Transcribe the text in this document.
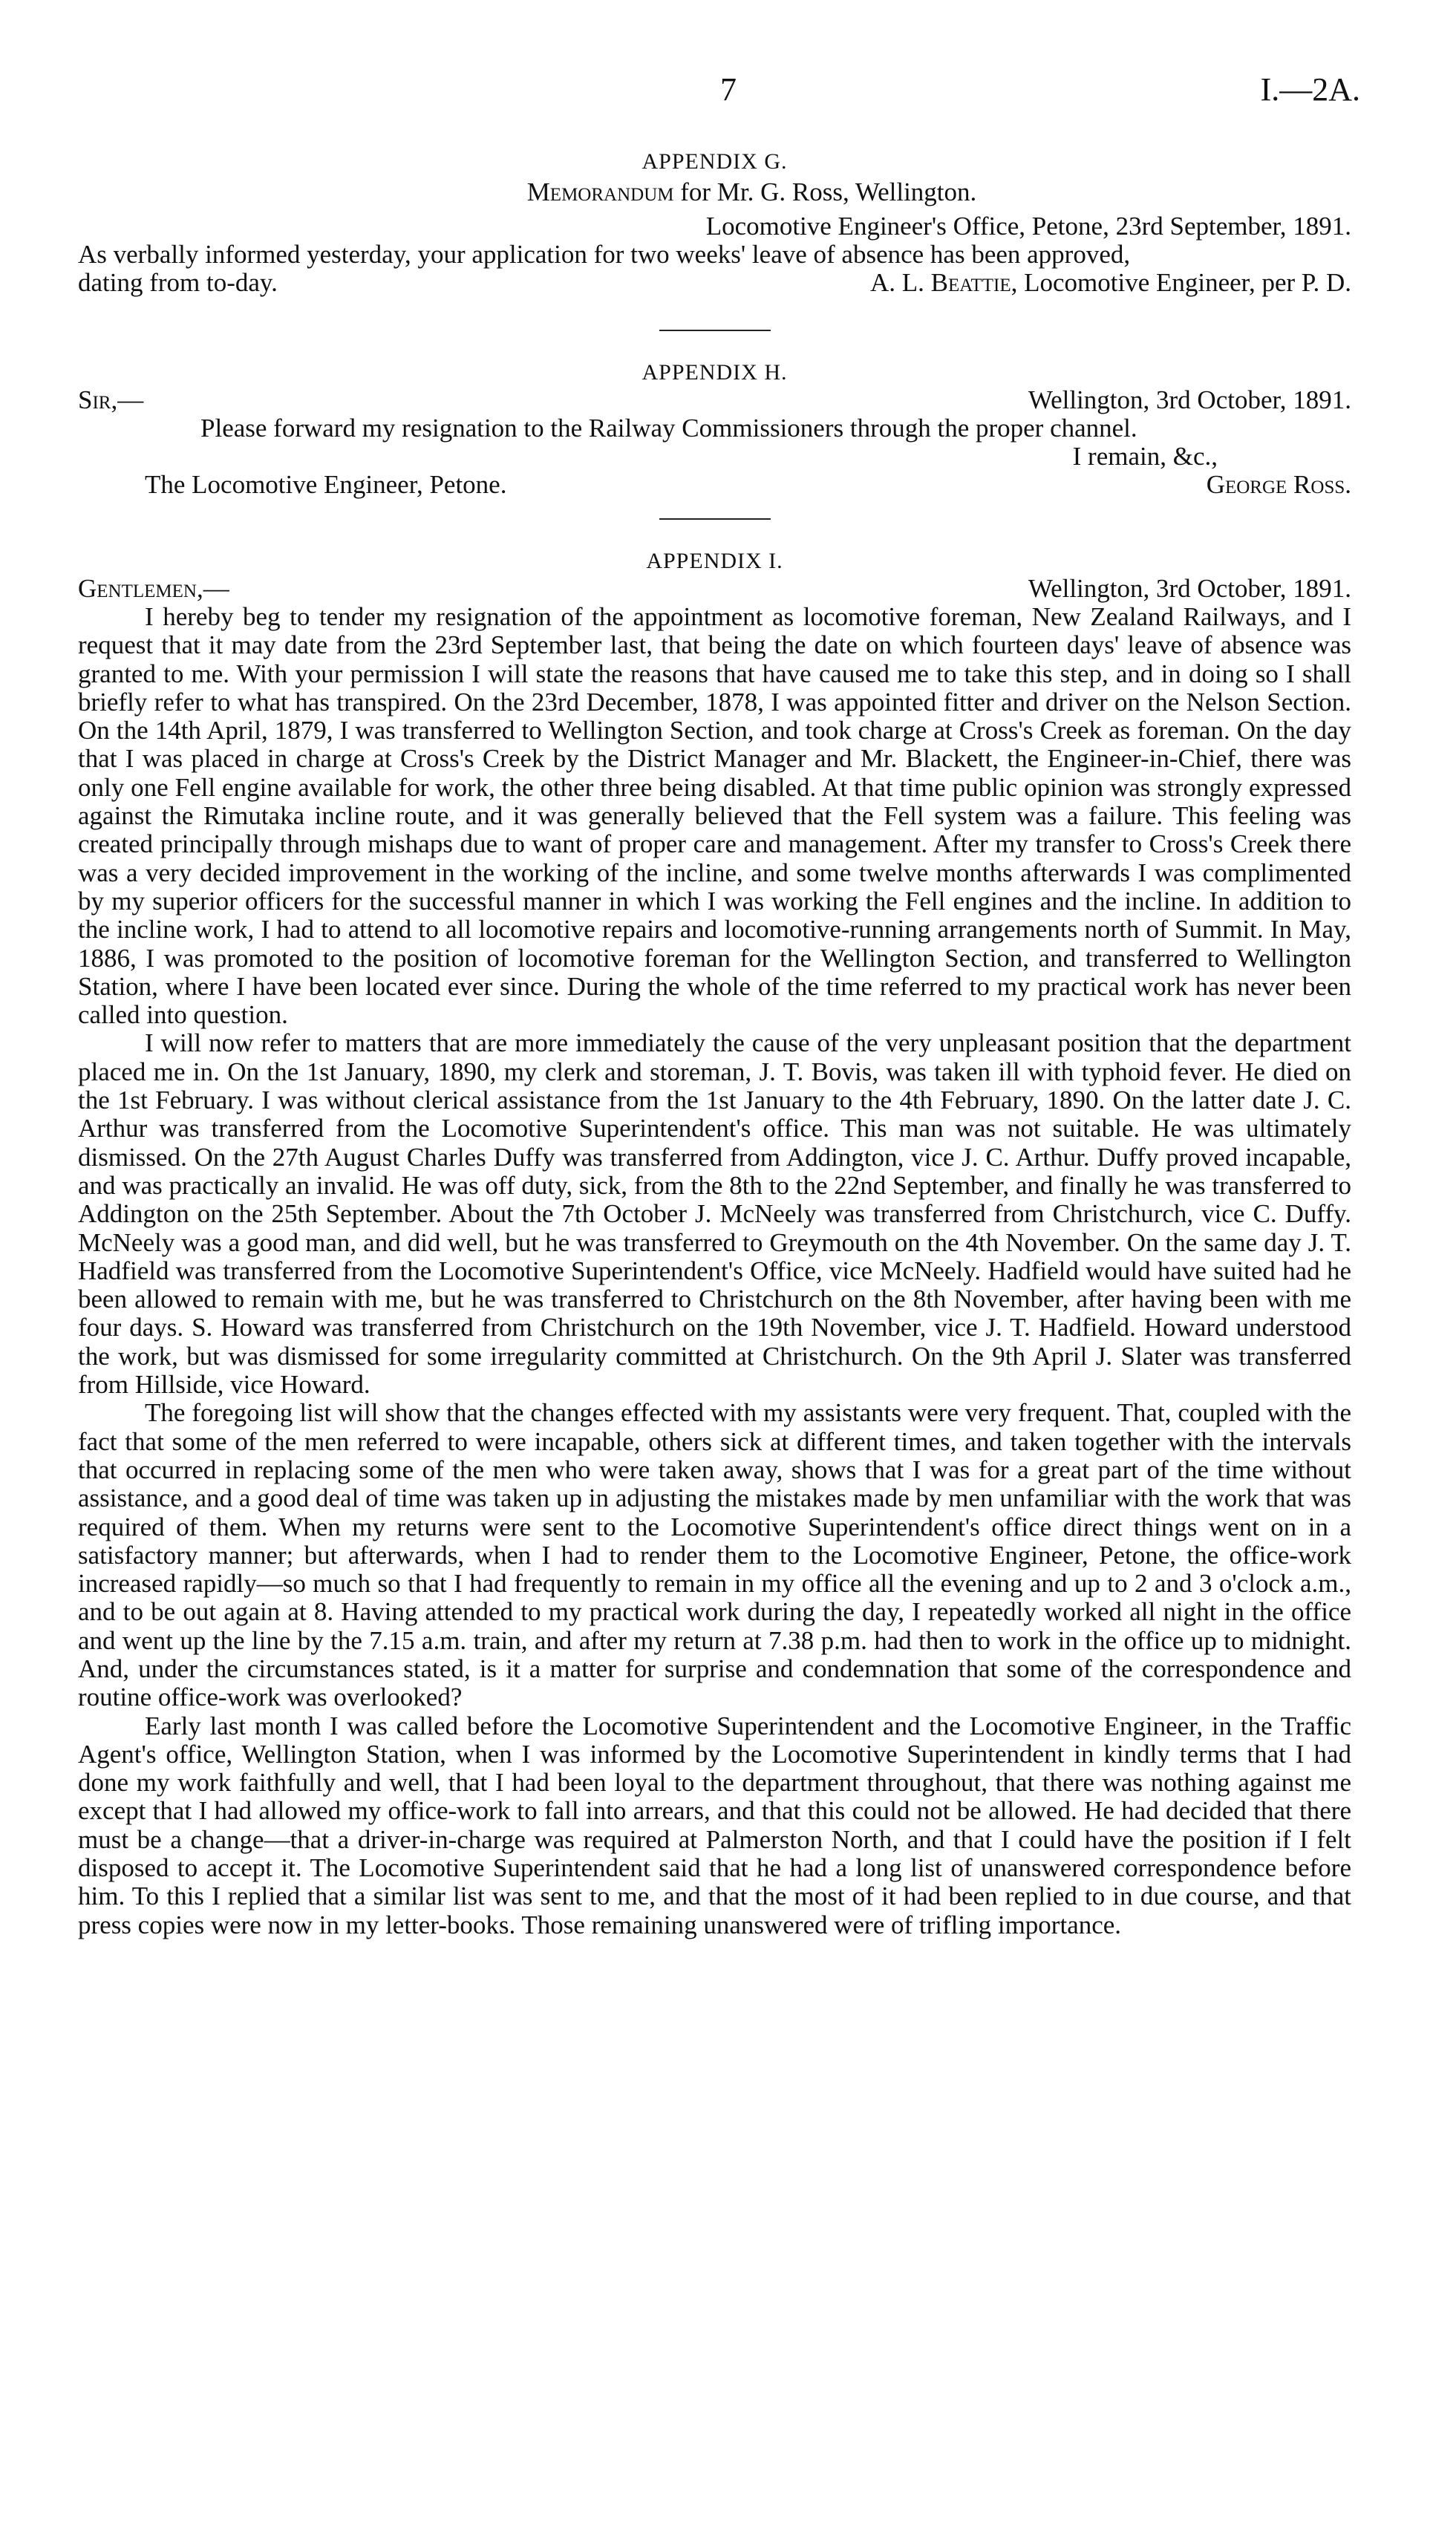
7	I.—2A.
APPENDIX G.
Memorandum for Mr. G. Ross, Wellington.
Locomotive Engineer's Office, Petone, 23rd September, 1891.
As verbally informed yesterday, your application for two weeks' leave of absence has been approved,
dating from to-day.	A. L. Beattie, Locomotive Engineer, per P. D.
APPENDIX H.
Sir,—	Wellington, 3rd October, 1891.
Please forward my resignation to the Railway Commissioners through the proper channel.
I remain, &c.,
The Locomotive Engineer, Petone.	George Ross.
APPENDIX I.
Gentlemen,—	Wellington, 3rd October, 1891.

I hereby beg to tender my resignation of the appointment as locomotive foreman, New Zealand Railways, and I request that it may date from the 23rd September last, that being the date on which fourteen days' leave of absence was granted to me. With your permission I will state the reasons that have caused me to take this step, and in doing so I shall briefly refer to what has transpired. On the 23rd December, 1878, I was appointed fitter and driver on the Nelson Section. On the 14th April, 1879, I was transferred to Wellington Section, and took charge at Cross's Creek as foreman. On the day that I was placed in charge at Cross's Creek by the District Manager and Mr. Blackett, the Engineer-in-Chief, there was only one Fell engine available for work, the other three being disabled. At that time public opinion was strongly expressed against the Rimutaka incline route, and it was generally believed that the Fell system was a failure. This feeling was created principally through mishaps due to want of proper care and management. After my transfer to Cross's Creek there was a very decided improvement in the working of the incline, and some twelve months afterwards I was complimented by my superior officers for the successful manner in which I was working the Fell engines and the incline. In addition to the incline work, I had to attend to all locomotive repairs and locomotive-running arrangements north of Summit. In May, 1886, I was promoted to the position of locomotive foreman for the Wellington Section, and transferred to Wellington Station, where I have been located ever since. During the whole of the time referred to my practical work has never been called into question.

I will now refer to matters that are more immediately the cause of the very unpleasant position that the department placed me in. On the 1st January, 1890, my clerk and storeman, J. T. Bovis, was taken ill with typhoid fever. He died on the 1st February. I was without clerical assistance from the 1st January to the 4th February, 1890. On the latter date J. C. Arthur was transferred from the Locomotive Superintendent's office. This man was not suitable. He was ultimately dismissed. On the 27th August Charles Duffy was transferred from Addington, vice J. C. Arthur. Duffy proved incapable, and was practically an invalid. He was off duty, sick, from the 8th to the 22nd September, and finally he was transferred to Addington on the 25th September. About the 7th October J. McNeely was transferred from Christchurch, vice C. Duffy. McNeely was a good man, and did well, but he was transferred to Greymouth on the 4th November. On the same day J. T. Hadfield was transferred from the Locomotive Superintendent's Office, vice McNeely. Hadfield would have suited had he been allowed to remain with me, but he was transferred to Christchurch on the 8th November, after having been with me four days. S. Howard was transferred from Christchurch on the 19th November, vice J. T. Hadfield. Howard understood the work, but was dismissed for some irregularity committed at Christchurch. On the 9th April J. Slater was transferred from Hillside, vice Howard.

The foregoing list will show that the changes effected with my assistants were very frequent. That, coupled with the fact that some of the men referred to were incapable, others sick at different times, and taken together with the intervals that occurred in replacing some of the men who were taken away, shows that I was for a great part of the time without assistance, and a good deal of time was taken up in adjusting the mistakes made by men unfamiliar with the work that was required of them. When my returns were sent to the Locomotive Superintendent's office direct things went on in a satisfactory manner; but afterwards, when I had to render them to the Locomotive Engineer, Petone, the office-work increased rapidly—so much so that I had frequently to remain in my office all the evening and up to 2 and 3 o'clock a.m., and to be out again at 8. Having attended to my practical work during the day, I repeatedly worked all night in the office and went up the line by the 7.15 a.m. train, and after my return at 7.38 p.m. had then to work in the office up to midnight. And, under the circumstances stated, is it a matter for surprise and condemnation that some of the correspondence and routine office-work was overlooked?

Early last month I was called before the Locomotive Superintendent and the Locomotive Engineer, in the Traffic Agent's office, Wellington Station, when I was informed by the Locomotive Superintendent in kindly terms that I had done my work faithfully and well, that I had been loyal to the department throughout, that there was nothing against me except that I had allowed my office-work to fall into arrears, and that this could not be allowed. He had decided that there must be a change—that a driver-in-charge was required at Palmerston North, and that I could have the position if I felt disposed to accept it. The Locomotive Superintendent said that he had a long list of unanswered correspondence before him. To this I replied that a similar list was sent to me, and that the most of it had been replied to in due course, and that press copies were now in my letter-books. Those remaining unanswered were of trifling importance.
